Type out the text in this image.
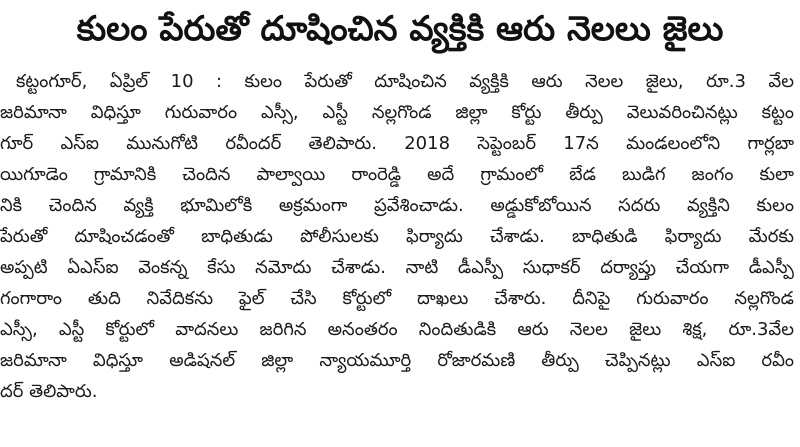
కులం పేరుతో దూషించిన వ్యక్తికి ఆరు నెలలు జైలు
కట్టంగూర్, ఏప్రిల్ 10 : కులం పేరుతో దూషించిన వ్యక్తికి ఆరు నెలల జైలు, రూ.3 వేల
జరిమానా విధిస్తూ గురువారం ఎస్సీ, ఎస్టీ నల్లగొండ జిల్లా కోర్టు తీర్పు వెలువరించినట్లు కట్టం
గూర్ ఎస్ఐ మునుగోటి రవీందర్ తెలిపారు. 2018 సెప్టెంబర్ 17న మండలంలోని గార్లబా
యిగూడెం గ్రామానికి చెందిన పాల్వాయి రాంరెడ్డి అదే గ్రామంలో బేడ బుడిగ జంగం కులా
నికి చెందిన వ్యక్తి భూమిలోకి అక్రమంగా ప్రవేశించాడు. అడ్డుకోబోయిన సదరు వ్యక్తిని కులం
పేరుతో దూషించడంతో బాధితుడు పోలీసులకు ఫిర్యాదు చేశాడు. బాధితుడి ఫిర్యాదు మేరకు
అప్పటి ఏఎస్ఐ వెంకన్న కేసు నమోదు చేశాడు. నాటి డీఎస్పీ సుధాకర్ దర్యాప్తు చేయగా డీఎస్పీ
గంగారాం తుది నివేదికను ఫైల్ చేసి కోర్టులో దాఖలు చేశారు. దీనిపై గురువారం నల్లగొండ
ఎస్సీ, ఎస్టీ కోర్టులో వాదనలు జరిగిన అనంతరం నిందితుడికి ఆరు నెలల జైలు శిక్ష, రూ.3వేల
జరిమానా విధిస్తూ అడిషనల్ జిల్లా న్యాయమూర్తి రోజారమణి తీర్పు చెప్పినట్లు ఎస్ఐ రవీం
దర్ తెలిపారు.
